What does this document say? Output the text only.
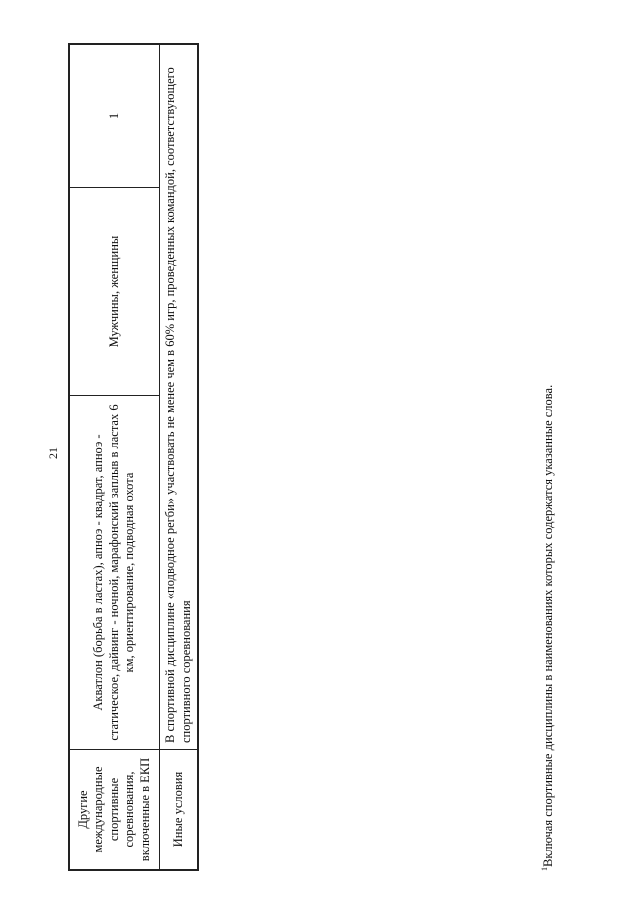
21
Другие международные спортивные соревнования, включенные в ЕКП	Акватлон (борьба в ластах), апноэ - квадрат, апноэ - статическое, дайвинг - ночной, марафонский заплыв в ластах 6 км, ориентирование, подводная охота	Мужчины, женщины	1
Иные условия	В спортивной дисциплине «подводное регби» участвовать не менее чем в 60% игр, проведенных командой, соответствующего спортивного соревнования		
$^1$Включая спортивные дисциплины в наименованиях которых содержатся указанные слова.
